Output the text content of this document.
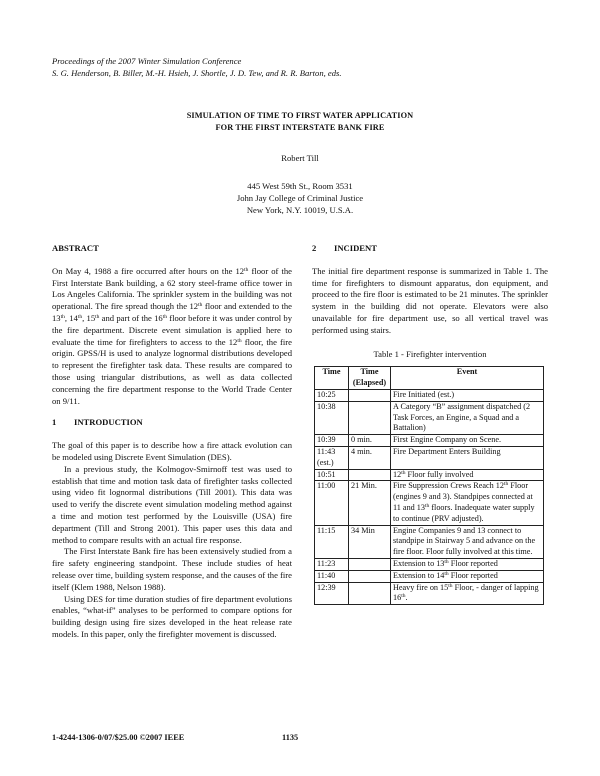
Proceedings of the 2007 Winter Simulation Conference
S. G. Henderson, B. Biller, M.-H. Hsieh, J. Shortle, J. D. Tew, and R. R. Barton, eds.
SIMULATION OF TIME TO FIRST WATER APPLICATION
FOR THE FIRST INTERSTATE BANK FIRE
Robert Till
445 West 59th St., Room 3531
John Jay College of Criminal Justice
New York, N.Y. 10019, U.S.A.
ABSTRACT

On May 4, 1988 a fire occurred after hours on the 12th floor of the First Interstate Bank building, a 62 story steel-frame office tower in Los Angeles California. The sprinkler system in the building was not operational. The fire spread though the 12th floor and extended to the 13th, 14th, 15th and part of the 16th floor before it was under control by the fire department. Discrete event simulation is applied here to evaluate the time for firefighters to access to the 12th floor, the fire origin. GPSS/H is used to analyze lognormal distributions developed to represent the firefighter task data. These results are compared to those using triangular distributions, as well as data collected concerning the fire department response to the World Trade Center on 9/11.

1 INTRODUCTION

The goal of this paper is to describe how a fire attack evolution can be modeled using Discrete Event Simulation (DES).

In a previous study, the Kolmogov-Smirnoff test was used to establish that time and motion task data of firefighter tasks collected using video fit lognormal distributions (Till 2001). This data was used to verify the discrete event simulation modeling method against a time and motion test performed by the Louisville (USA) fire department (Till and Strong 2001). This paper uses this data and method to compare results with an actual fire response.

The First Interstate Bank fire has been extensively studied from a fire safety engineering standpoint. These include studies of heat release over time, building system response, and the causes of the fire itself (Klem 1988, Nelson 1988).

Using DES for time duration studies of fire department evolutions enables, “what-if” analyses to be performed to compare options for building design using fire sizes developed in the heat release rate models. In this paper, only the firefighter movement is discussed.

2 INCIDENT

The initial fire department response is summarized in Table 1. The time for firefighters to dismount apparatus, don equipment, and proceed to the fire floor is estimated to be 21 minutes. The sprinkler system in the building did not operate. Elevators were also unavailable for fire department use, so all vertical travel was performed using stairs.

Table 1 - Firefighter intervention
Time	Time (Elapsed)	Event
10:25		Fire Initiated (est.)
10:38		A Category “B” assignment dispatched (2 Task Forces, an Engine, a Squad and a Battalion)
10:39	0 min.	First Engine Company on Scene.
11:43 (est.)	4 min.	Fire Department Enters Building
10:51		12th Floor fully involved
11:00	21 Min.	Fire Suppression Crews Reach 12th Floor (engines 9 and 3). Standpipes connected at 11 and 13th floors. Inadequate water supply to continue (PRV adjusted).
11:15	34 Min	Engine Companies 9 and 13 connect to standpipe in Stairway 5 and advance on the fire floor. Floor fully involved at this time.
11:23		Extension to 13th Floor reported
11:40		Extension to 14th Floor reported
12:39		Heavy fire on 15th Floor, - danger of lapping 16th.
1-4244-1306-0/07/$25.00 ©2007 IEEE	1135
